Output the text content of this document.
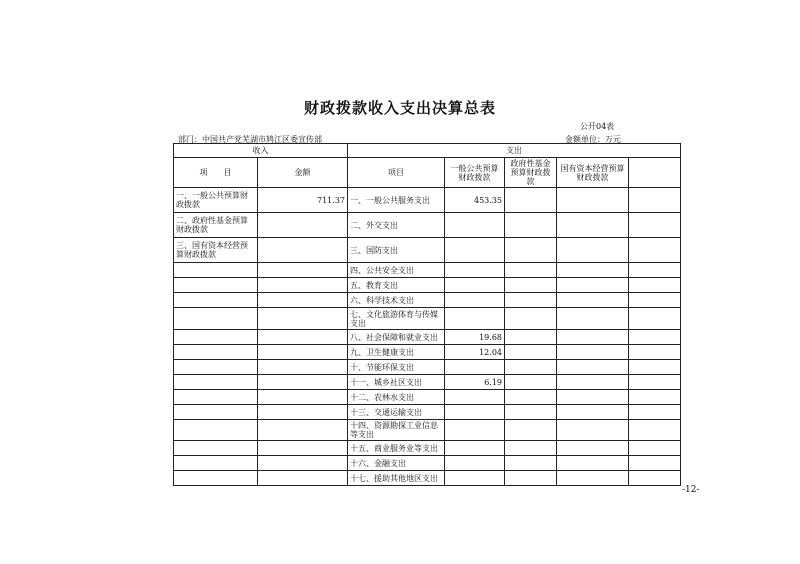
财政拨款收入支出决算总表
公开04表
部门：中国共产党芜湖市鸠江区委宣传部	金额单位：万元
收入		支出				
项　　目	金额	项目	一般公共预算财政拨款	政府性基金预算财政拨款	国有资本经营预算财政拨款	
一、一般公共预算财政拨款	711.37	一、一般公共服务支出	453.35			
二、政府性基金预算财政拨款		二、外交支出				
三、国有资本经营预算财政拨款		三、国防支出				
		四、公共安全支出				
		五、教育支出				
		六、科学技术支出				
		七、文化旅游体育与传媒支出				
		八、社会保障和就业支出	19.68			
		九、卫生健康支出	12.04			
		十、节能环保支出				
		十一、城乡社区支出	6.19			
		十二、农林水支出				
		十三、交通运输支出				
		十四、资源勘探工业信息等支出				
		十五、商业服务业等支出				
		十六、金融支出				
		十七、援助其他地区支出				
-12-
